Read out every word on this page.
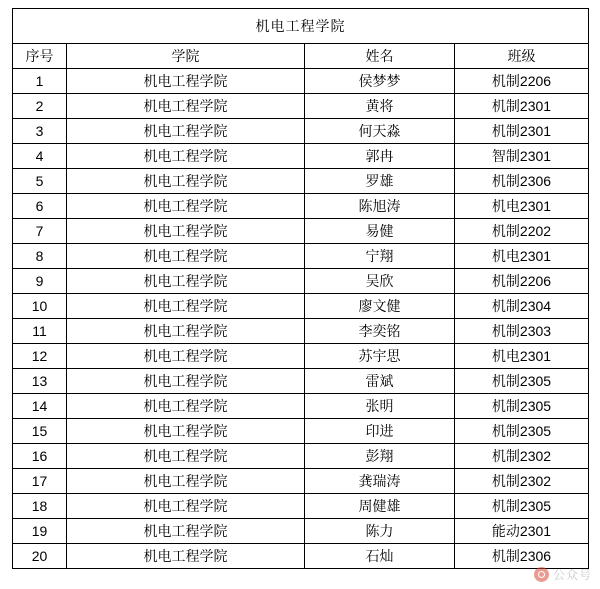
机电工程学院			
序号	学院	姓名	班级
1	机电工程学院	侯梦梦	机制2206
2	机电工程学院	黄将	机制2301
3	机电工程学院	何天淼	机制2301
4	机电工程学院	郭冉	智制2301
5	机电工程学院	罗雄	机制2306
6	机电工程学院	陈旭涛	机电2301
7	机电工程学院	易健	机制2202
8	机电工程学院	宁翔	机电2301
9	机电工程学院	吴欣	机制2206
10	机电工程学院	廖文健	机制2304
11	机电工程学院	李奕铭	机制2303
12	机电工程学院	苏宇思	机电2301
13	机电工程学院	雷斌	机制2305
14	机电工程学院	张明	机制2305
15	机电工程学院	印进	机制2305
16	机电工程学院	彭翔	机制2302
17	机电工程学院	龚瑞涛	机制2302
18	机电工程学院	周健雄	机制2305
19	机电工程学院	陈力	能动2301
20	机电工程学院	石灿	机制2306
公众号
